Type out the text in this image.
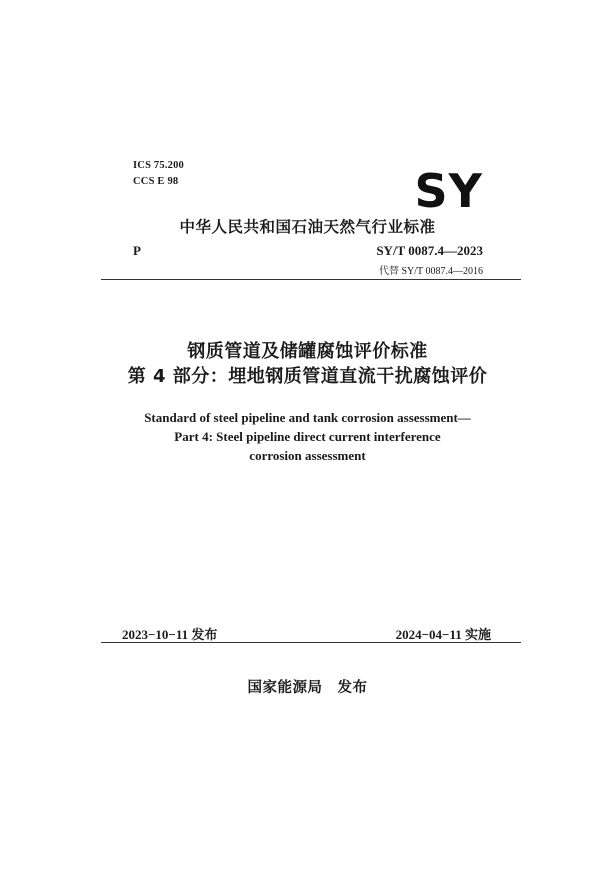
ICS 75.200
CCS E 98	SY
中华人民共和国石油天然气行业标准
P	SY/T 0087.4—2023
代替 SY/T 0087.4—2016
钢质管道及储罐腐蚀评价标准
第 4 部分：埋地钢质管道直流干扰腐蚀评价
Standard of steel pipeline and tank corrosion assessment—
Part 4: Steel pipeline direct current interference
corrosion assessment
2023−10−11 发布	2024−04−11 实施
国家能源局　发布
